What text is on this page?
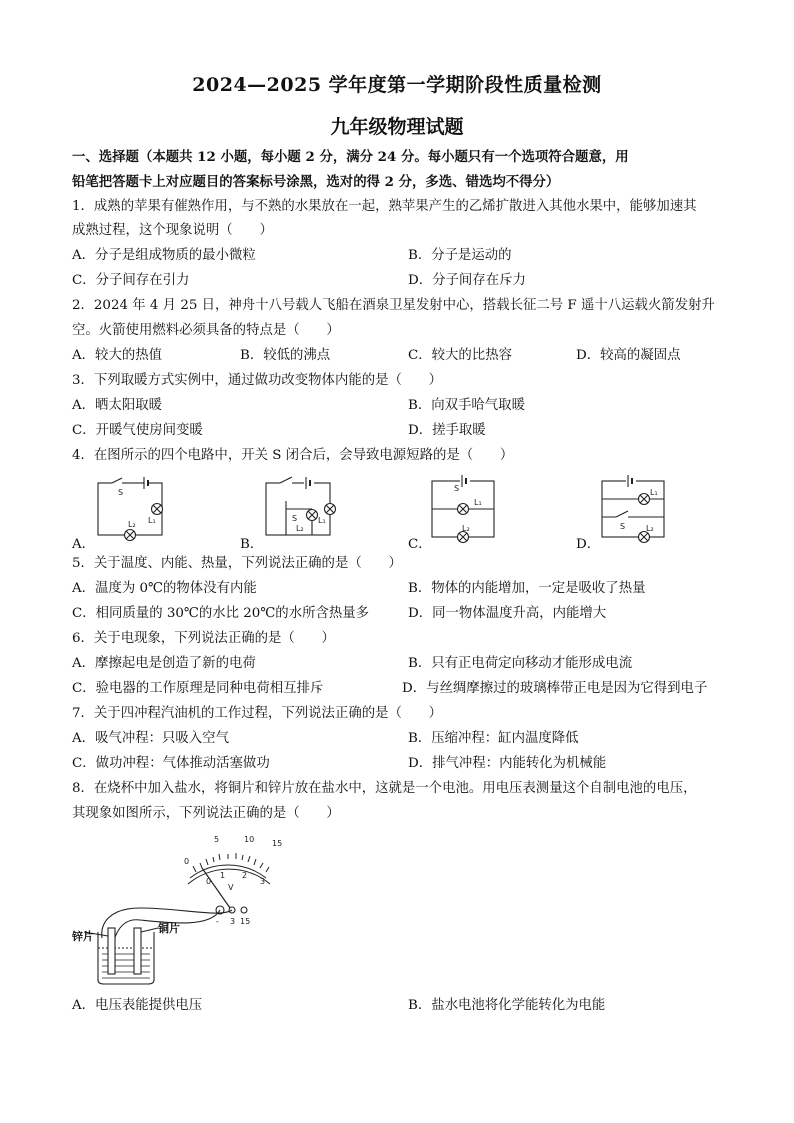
2024—2025 学年度第一学期阶段性质量检测
九年级物理试题
一、选择题（本题共 12 小题，每小题 2 分，满分 24 分。每小题只有一个选项符合题意，用
铅笔把答题卡上对应题目的答案标号涂黑，选对的得 2 分，多选、错选均不得分）
1．成熟的苹果有催熟作用，与不熟的水果放在一起，熟苹果产生的乙烯扩散进入其他水果中，能够加速其
成熟过程，这个现象说明（　　）
A．分子是组成物质的最小微粒	B．分子是运动的
C．分子间存在引力	D．分子间存在斥力
2．2024 年 4 月 25 日，神舟十八号载人飞船在酒泉卫星发射中心，搭载长征二号 F 遥十八运载火箭发射升
空。火箭使用燃料必须具备的特点是（　　）
A．较大的热值	B．较低的沸点	C．较大的比热容	D．较高的凝固点
3．下列取暖方式实例中，通过做功改变物体内能的是（　　）
A．晒太阳取暖	B．向双手哈气取暖
C．开暖气使房间变暖	D．搓手取暖
4．在图所示的四个电路中，开关 S 闭合后，会导致电源短路的是（　　）
S
L₁
L₂
S	L₁
L₂
S
L₁
L₂
L₁
S	L₂
A．	B．	C．	D．
5．关于温度、内能、热量，下列说法正确的是（　　）
A．温度为 0℃的物体没有内能	B．物体的内能增加，一定是吸收了热量
C．相同质量的 30℃的水比 20℃的水所含热量多	D．同一物体温度升高，内能增大
6．关于电现象，下列说法正确的是（　　）
A．摩擦起电是创造了新的电荷	B．只有正电荷定向移动才能形成电流
C．验电器的工作原理是同种电荷相互排斥	D．与丝绸摩擦过的玻璃棒带正电是因为它得到电子
7．关于四冲程汽油机的工作过程，下列说法正确的是（　　）
A．吸气冲程：只吸入空气	B．压缩冲程：缸内温度降低
C．做功冲程：气体推动活塞做功	D．排气冲程：内能转化为机械能
8．在烧杯中加入盐水，将铜片和锌片放在盐水中，这就是一个电池。用电压表测量这个自制电池的电压，
其现象如图所示，下列说法正确的是（　　）
5	10 15
0
0
1 2
3
V
- 3 15
锌片
铜片
A．电压表能提供电压	B．盐水电池将化学能转化为电能
